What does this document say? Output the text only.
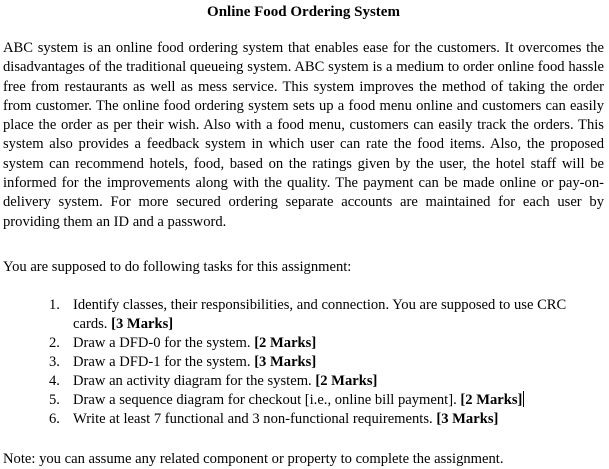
Online Food Ordering System

ABC system is an online food ordering system that enables ease for the customers. It overcomes the disadvantages of the traditional queueing system. ABC system is a medium to order online food hassle free from restaurants as well as mess service. This system improves the method of taking the order from customer. The online food ordering system sets up a food menu online and customers can easily place the order as per their wish. Also with a food menu, customers can easily track the orders. This system also provides a feedback system in which user can rate the food items. Also, the proposed system can recommend hotels, food, based on the ratings given by the user, the hotel staff will be informed for the improvements along with the quality. The payment can be made online or pay-on-delivery system. For more secured ordering separate accounts are maintained for each user by providing them an ID and a password.

You are supposed to do following tasks for this assignment:

1. Identify classes, their responsibilities, and connection. You are supposed to use CRC cards. [3 Marks]
2. Draw a DFD-0 for the system. [2 Marks]
3. Draw a DFD-1 for the system. [3 Marks]
4. Draw an activity diagram for the system. [2 Marks]
5. Draw a sequence diagram for checkout [i.e., online bill payment]. [2 Marks]
6. Write at least 7 functional and 3 non-functional requirements. [3 Marks]

Note: you can assume any related component or property to complete the assignment.
